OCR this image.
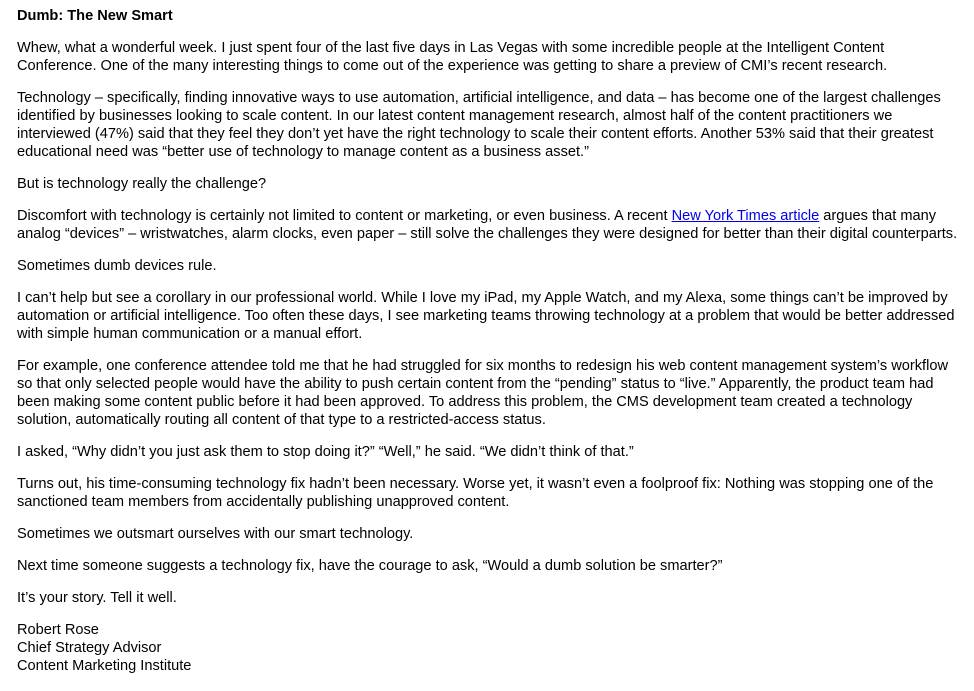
Dumb: The New Smart

Whew, what a wonderful week. I just spent four of the last five days in Las Vegas with some incredible people at the Intelligent Content Conference. One of the many interesting things to come out of the experience was getting to share a preview of CMI’s recent research.

Technology – specifically, finding innovative ways to use automation, artificial intelligence, and data – has become one of the largest challenges identified by businesses looking to scale content. In our latest content management research, almost half of the content practitioners we interviewed (47%) said that they feel they don’t yet have the right technology to scale their content efforts. Another 53% said that their greatest educational need was “better use of technology to manage content as a business asset.”

But is technology really the challenge?

Discomfort with technology is certainly not limited to content or marketing, or even business. A recent New York Times article argues that many analog “devices” – wristwatches, alarm clocks, even paper – still solve the challenges they were designed for better than their digital counterparts.

Sometimes dumb devices rule.

I can’t help but see a corollary in our professional world. While I love my iPad, my Apple Watch, and my Alexa, some things can’t be improved by automation or artificial intelligence. Too often these days, I see marketing teams throwing technology at a problem that would be better addressed with simple human communication or a manual effort.

For example, one conference attendee told me that he had struggled for six months to redesign his web content management system’s workflow so that only selected people would have the ability to push certain content from the “pending” status to “live.” Apparently, the product team had been making some content public before it had been approved. To address this problem, the CMS development team created a technology solution, automatically routing all content of that type to a restricted-access status.

I asked, “Why didn’t you just ask them to stop doing it?” “Well,” he said. “We didn’t think of that.”

Turns out, his time-consuming technology fix hadn’t been necessary. Worse yet, it wasn’t even a foolproof fix: Nothing was stopping one of the sanctioned team members from accidentally publishing unapproved content.

Sometimes we outsmart ourselves with our smart technology.

Next time someone suggests a technology fix, have the courage to ask, “Would a dumb solution be smarter?”

It’s your story. Tell it well.

Robert Rose

Chief Strategy Advisor

Content Marketing Institute
